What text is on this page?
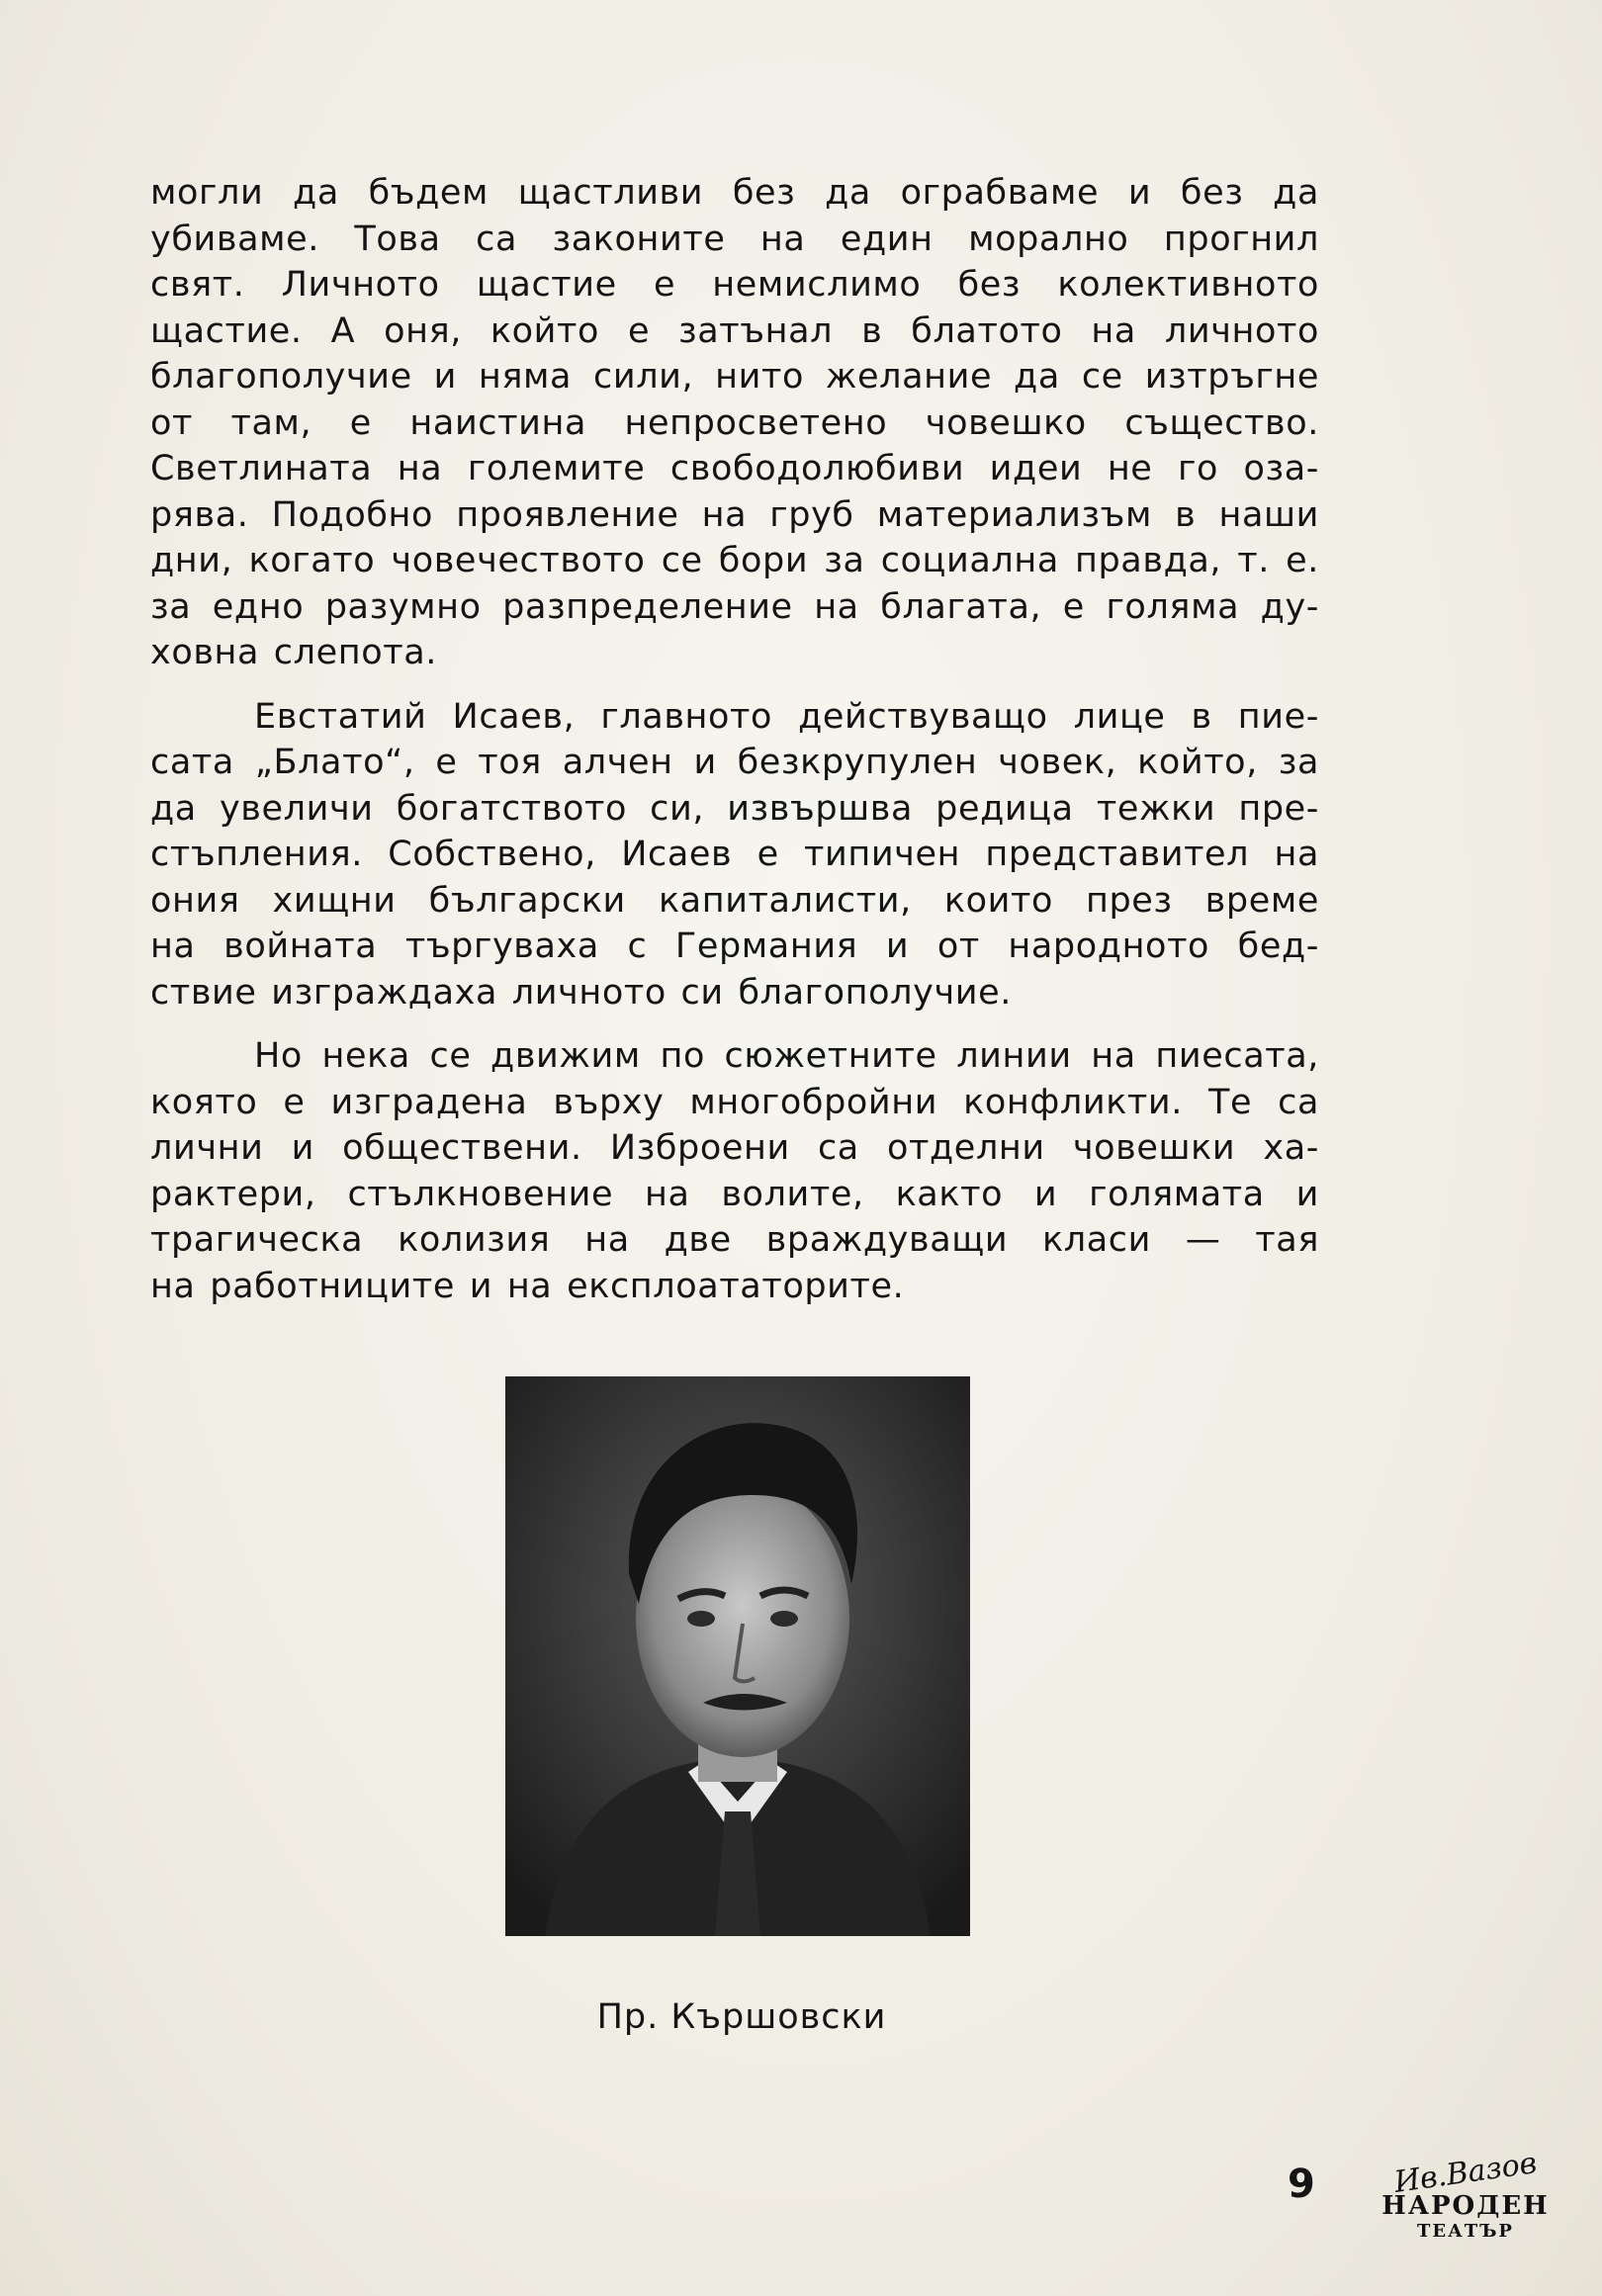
могли да бъдем щастливи без да ограбваме и без да
убиваме. Това са законите на един морално прогнил
свят. Личното щастие е немислимо без колективното
щастие. А оня, който е затънал в блатото на личното
благополучие и няма сили, нито желание да се изтръгне
от там, е наистина непросветено човешко същество.
Светлината на големите свободолюбиви идеи не го оза-
рява. Подобно проявление на груб материализъм в наши
дни, когато човечеството се бори за социална правда, т. е.
за едно разумно разпределение на благата, е голяма ду-
ховна слепота.
Евстатий Исаев, главното действуващо лице в пие-
сата „Блато“, е тоя алчен и безкрупулен човек, който, за
да увеличи богатството си, извършва редица тежки пре-
стъпления. Собствено, Исаев е типичен представител на
ония хищни български капиталисти, които през време
на войната търгуваха с Германия и от народното бед-
ствие изграждаха личното си благополучие.
Но нека се движим по сюжетните линии на пиесата,
която е изградена върху многобройни конфликти. Те са
лични и обществени. Изброени са отделни човешки ха-
рактери, стълкновение на волите, както и голямата и
трагическа колизия на две враждуващи класи — тая
на работниците и на експлоататорите.
Пр. Кършовски
9	Ив.Вазов
НАРОДЕН
ТЕАТЪР
